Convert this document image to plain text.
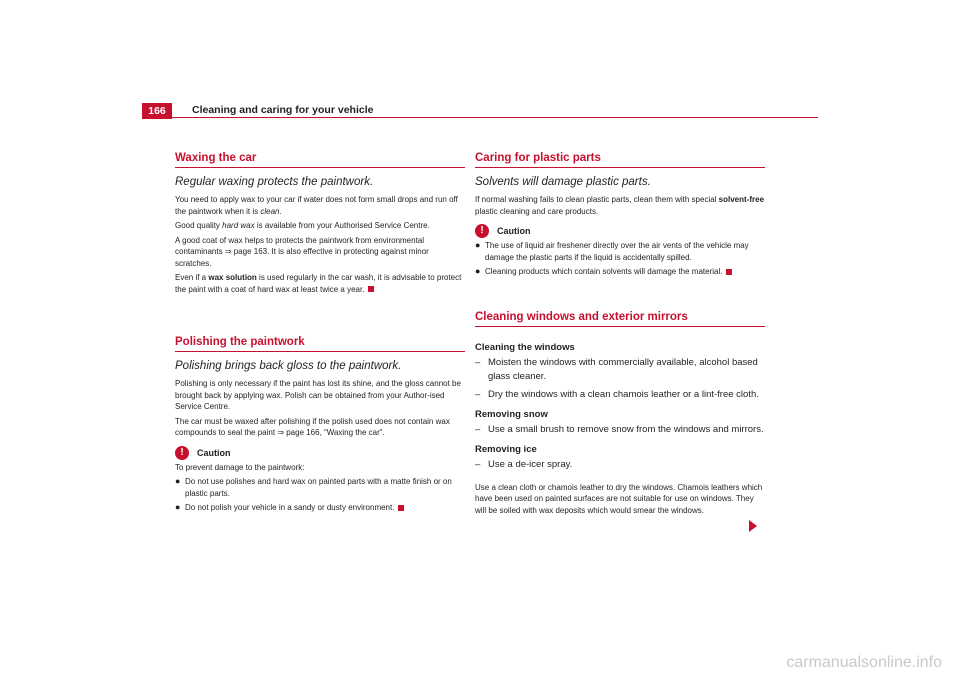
166	Cleaning and caring for your vehicle
Waxing the car
Regular waxing protects the paintwork.

You need to apply wax to your car if water does not form small drops and run off the paintwork when it is clean.

Good quality hard wax is available from your Authorised Service Centre.

A good coat of wax helps to protects the paintwork from environmental contaminants ⇒ page 163. It is also effective in protecting against minor scratches.

Even if a wax solution is used regularly in the car wash, it is advisable to protect the paint with a coat of hard wax at least twice a year.

Polishing the paintwork
Polishing brings back gloss to the paintwork.

Polishing is only necessary if the paint has lost its shine, and the gloss cannot be brought back by applying wax. Polish can be obtained from your Author-ised Service Centre.

The car must be waxed after polishing if the polish used does not contain wax compounds to seal the paint ⇒ page 166, “Waxing the car”.

!	Caution

To prevent damage to the paintwork:

● Do not use polishes and hard wax on painted parts with a matte finish or on plastic parts.
● Do not polish your vehicle in a sandy or dusty environment.
Caring for plastic parts
Solvents will damage plastic parts.

If normal washing fails to clean plastic parts, clean them with special solvent-free plastic cleaning and care products.

!	Caution
● The use of liquid air freshener directly over the air vents of the vehicle may damage the plastic parts if the liquid is accidentally spilled.
● Cleaning products which contain solvents will damage the material.
Cleaning windows and exterior mirrors
Cleaning the windows
– Moisten the windows with commercially available, alcohol based glass cleaner.
– Dry the windows with a clean chamois leather or a lint-free cloth.
Removing snow
– Use a small brush to remove snow from the windows and mirrors.
Removing ice
– Use a de-icer spray.

Use a clean cloth or chamois leather to dry the windows. Chamois leathers which have been used on painted surfaces are not suitable for use on windows. They will be soiled with wax deposits which would smear the windows.

carmanualsonline.info
